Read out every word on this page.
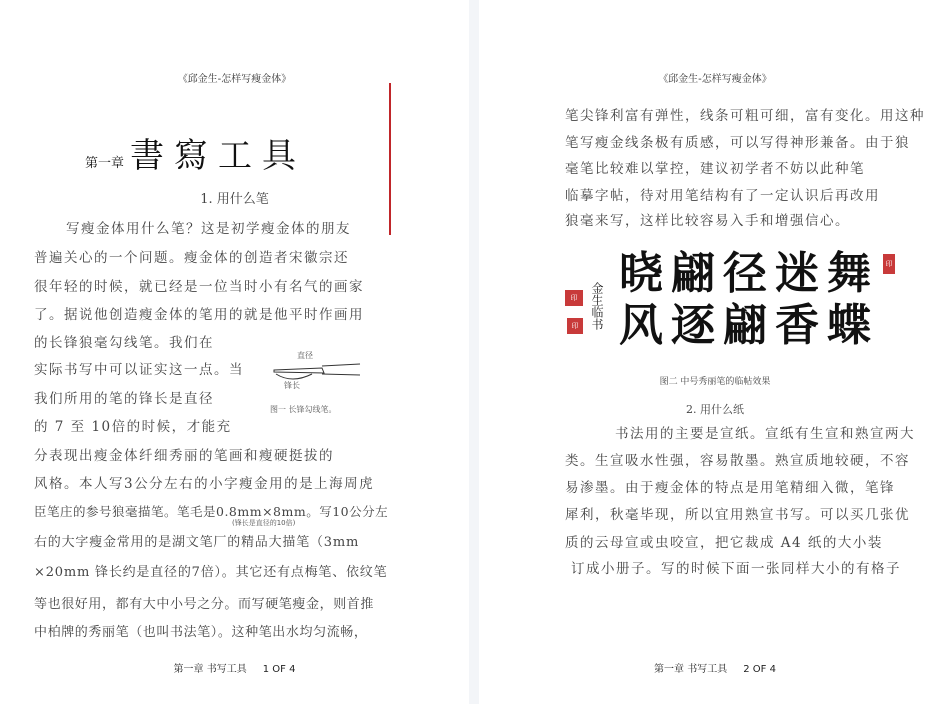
《邱金生-怎样写瘦金体》
第一章 書寫工具
1. 用什么笔
写瘦金体用什么笔？这是初学瘦金体的朋友
普遍关心的一个问题。瘦金体的创造者宋徽宗还
很年轻的时候，就已经是一位当时小有名气的画家
了。据说他创造瘦金体的笔用的就是他平时作画用
的长锋狼毫勾线笔。我们在
实际书写中可以证实这一点。当
我们所用的笔的锋长是直径
的 7 至 10倍的时候，才能充
分表现出瘦金体纤细秀丽的笔画和瘦硬挺拔的
风格。本人写3公分左右的小字瘦金用的是上海周虎
臣笔庄的参号狼毫描笔。笔毛是0.8mm×8mm。写10公分左
(锋长是直径的10倍)
右的大字瘦金常用的是湖文笔厂的精品大描笔（3mm
×20mm 锋长约是直径的7倍）。其它还有点梅笔、依纹笔
等也很好用，都有大中小号之分。而写硬笔瘦金，则首推
中柏牌的秀丽笔（也叫书法笔）。这种笔出水均匀流畅，
直径
锋长
图一 长锋勾线笔。
第一章 书写工具 1 OF 4
《邱金生-怎样写瘦金体》
笔尖锋利富有弹性，线条可粗可细，富有变化。用这种
笔写瘦金线条极有质感，可以写得神形兼备。由于狼
毫笔比较难以掌控，建议初学者不妨以此种笔
临摹字帖，待对用笔结构有了一定认识后再改用
狼毫来写，这样比较容易入手和增强信心。
印
印
印
金生临书
晓翩径迷舞
风逐翩香蝶
图二 中号秀丽笔的临帖效果
2. 用什么纸
书法用的主要是宣纸。宣纸有生宣和熟宣两大
类。生宣吸水性强，容易散墨。熟宣质地较硬，不容
易渗墨。由于瘦金体的特点是用笔精细入微，笔锋
犀利，秋毫毕现，所以宜用熟宣书写。可以买几张优
质的云母宣或虫咬宣，把它裁成 A4 纸的大小装
订成小册子。写的时候下面一张同样大小的有格子
第一章 书写工具 2 OF 4
